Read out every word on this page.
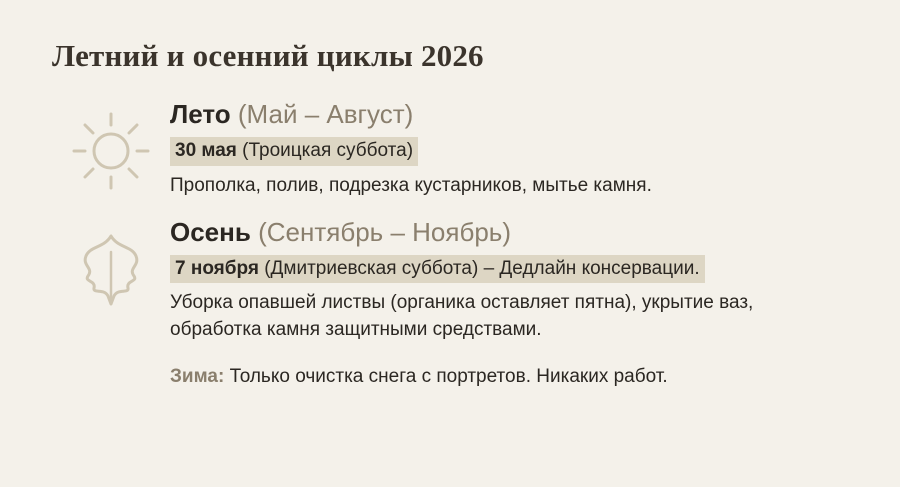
Летний и осенний циклы 2026
Лето (Май – Август)
30 мая (Троицкая суббота)
Прополка, полив, подрезка кустарников, мытье камня.
Осень (Сентябрь – Ноябрь)
7 ноября (Дмитриевская суббота) – Дедлайн консервации.
Уборка опавшей листвы (органика оставляет пятна), укрытие ваз, обработка камня защитными средствами.
Зима: Только очистка снега с портретов. Никаких работ.
